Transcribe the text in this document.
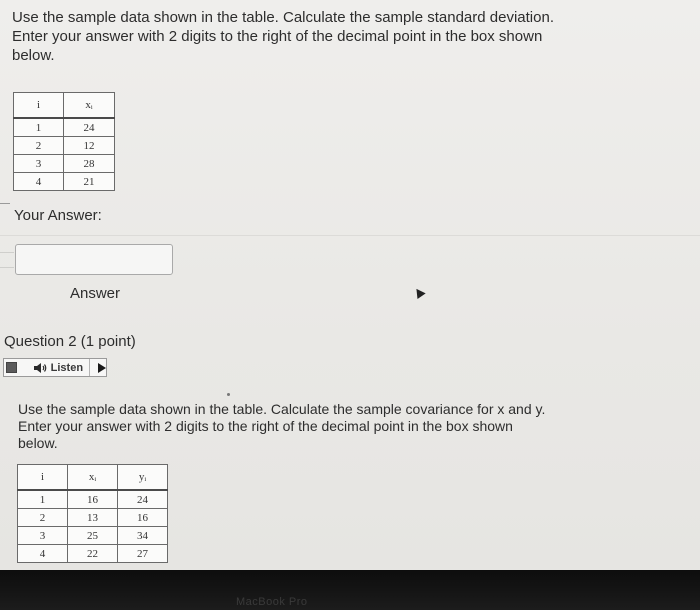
Use the sample data shown in the table. Calculate the sample standard deviation.
Enter your answer with 2 digits to the right of the decimal point in the box shown
below.
i	xᵢ
1	24
2	12
3	28
4	21
Your Answer:
Answer
Question 2 (1 point)
Listen
Use the sample data shown in the table. Calculate the sample covariance for x and y.
Enter your answer with 2 digits to the right of the decimal point in the box shown
below.
i	xᵢ	yᵢ
1	16	24
2	13	16
3	25	34
4	22	27
MacBook Pro
